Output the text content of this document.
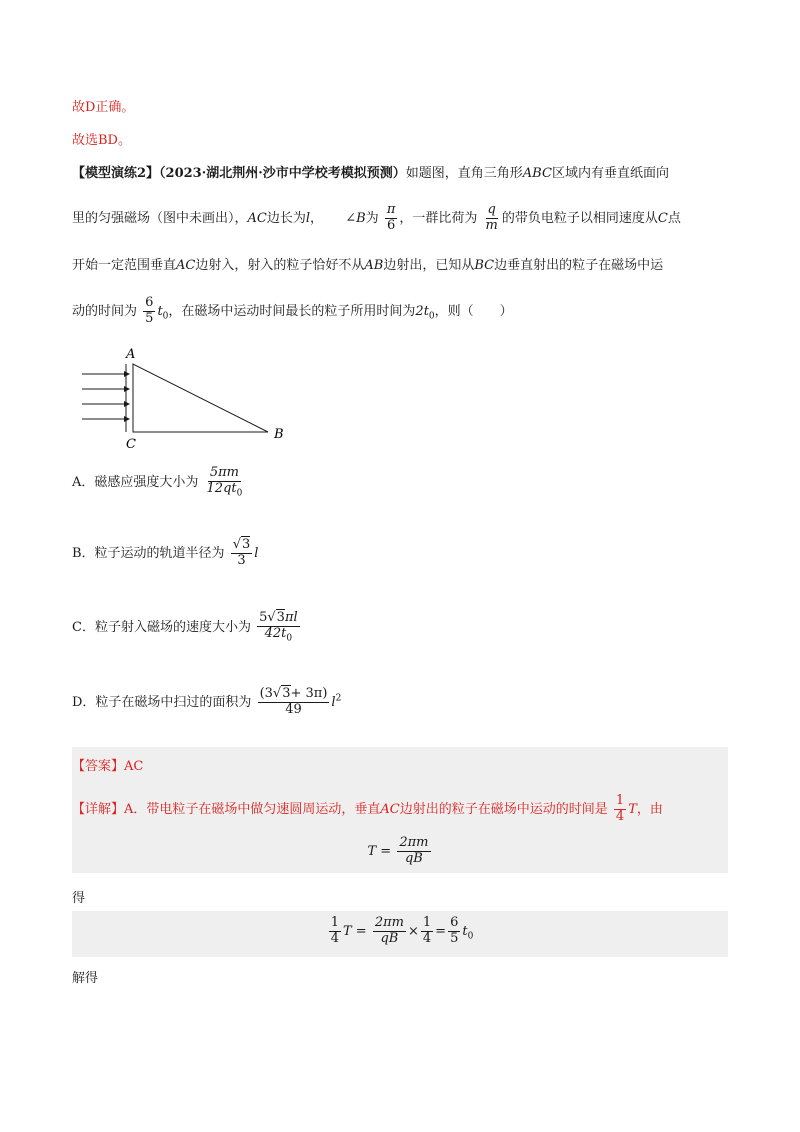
故D正确。
故选BD。
【模型演练2】（2023·湖北荆州·沙市中学校考模拟预测）如题图，直角三角形ABC区域内有垂直纸面向
里的匀强磁场（图中未画出），AC边长为l， ∠B为 $\frac{\pi}{6}$ ，一群比荷为 $\frac{q}{m}$ 的带负电粒子以相同速度从C点
开始一定范围垂直AC边射入，射入的粒子恰好不从AB边射出，已知从BC边垂直射出的粒子在磁场中运
动的时间为 $\frac{6}{5} t_0$，在磁场中运动时间最长的粒子所用时间为$2t_0$，则（　　）
A
C
B
A．磁感应强度大小为 $\frac{5\pi m}{12qt_0}$
B．粒子运动的轨道半径为 $\frac{√3}{3}$ l
C．粒子射入磁场的速度大小为 $\frac{5√3\pi l}{42t_0}$
D．粒子在磁场中扫过的面积为 $\frac{(3√3+ 3\pi)}{49} l^2$
【答案】AC
【详解】A．带电粒子在磁场中做匀速圆周运动，垂直AC边射出的粒子在磁场中运动的时间是 $\frac{1}{4}$ T，由
$T = \frac{2\pi m}{qB}$
得
$\frac{1}{4}$ $T = \frac{2\pi m}{qB} \times \frac{1}{4} = \frac{6}{5} t_0$
解得
